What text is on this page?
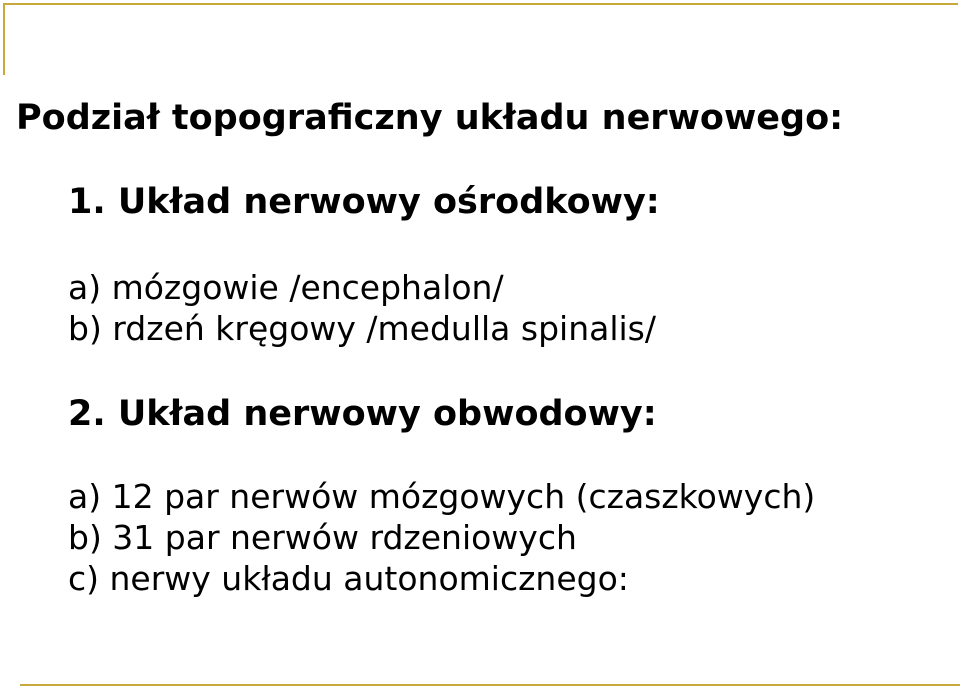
Podział topograficzny układu nerwowego:
1. Układ nerwowy ośrodkowy:

a) mózgowie /encephalon/

b) rdzeń kręgowy /medulla spinalis/

2. Układ nerwowy obwodowy:

a) 12 par nerwów mózgowych (czaszkowych)

b) 31 par nerwów rdzeniowych

c) nerwy układu autonomicznego:
